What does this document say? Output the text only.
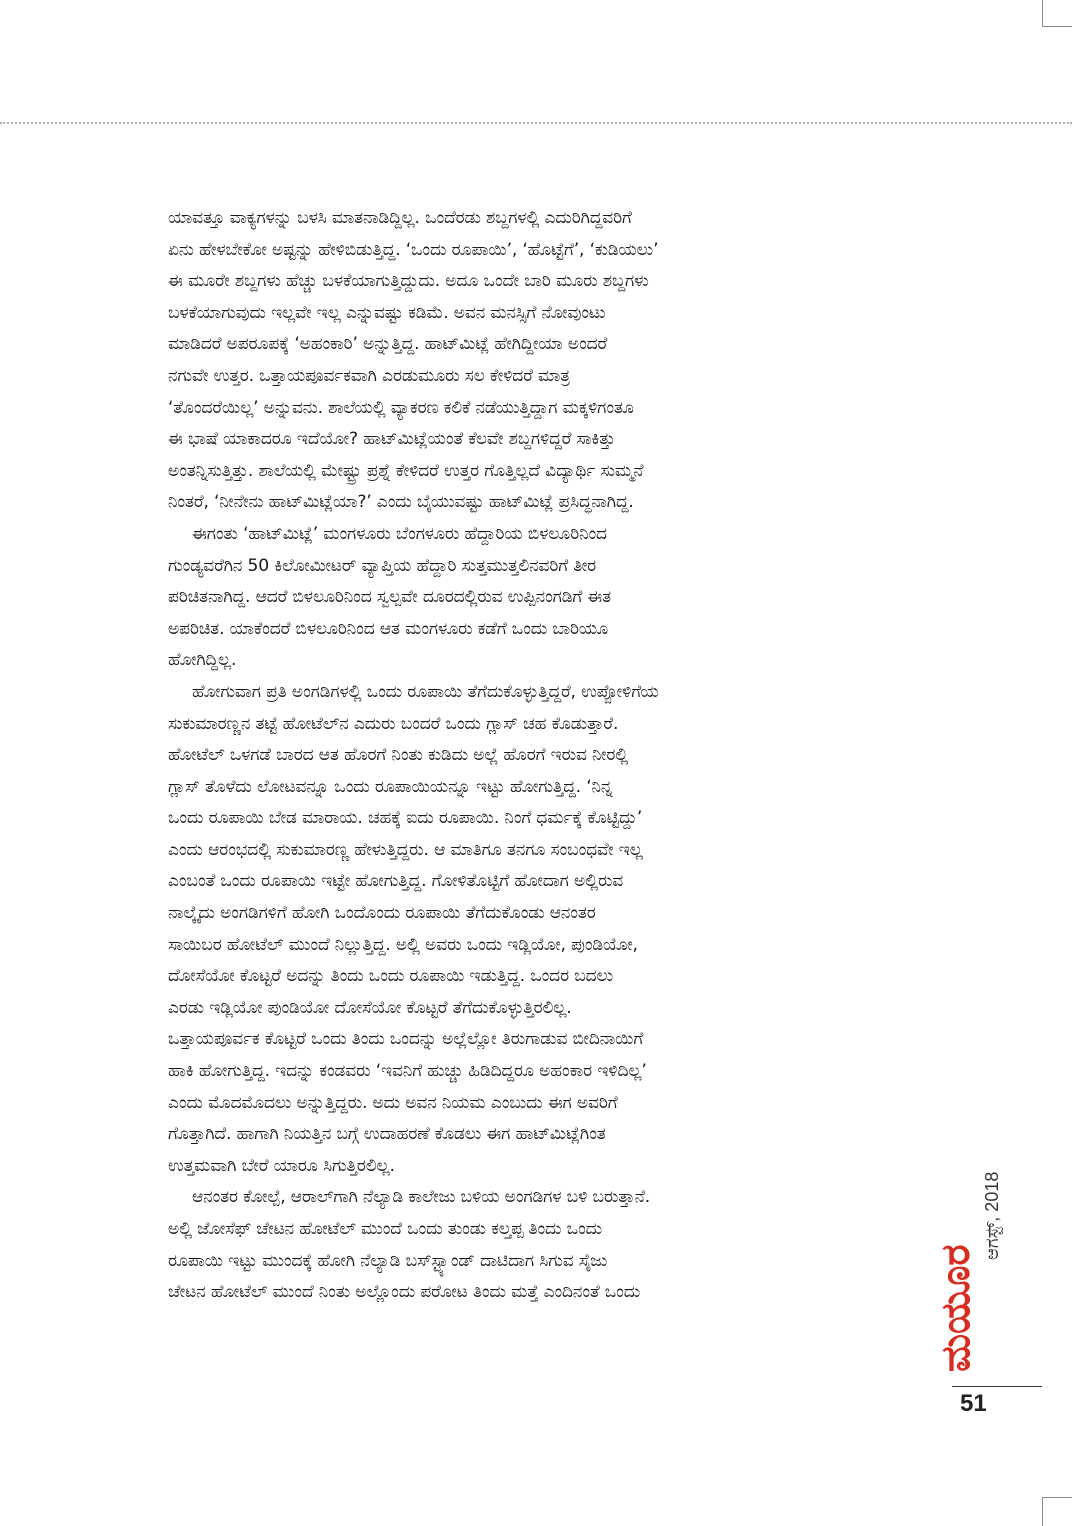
ಯಾವತ್ತೂ ವಾಕ್ಯಗಳನ್ನು ಬಳಸಿ ಮಾತನಾಡಿದ್ದಿಲ್ಲ. ಒಂದೆರಡು ಶಬ್ದಗಳಲ್ಲಿ ಎದುರಿಗಿದ್ದವರಿಗೆ
ಏನು ಹೇಳಬೇಕೋ ಅಷ್ಟನ್ನು ಹೇಳಿಬಿಡುತ್ತಿದ್ದ. ‘ಒಂದು ರೂಪಾಯಿ’, ‘ಹೊಟ್ಟೆಗೆ’, ‘ಕುಡಿಯಲು’
ಈ ಮೂರೇ ಶಬ್ದಗಳು ಹೆಚ್ಚು ಬಳಕೆಯಾಗುತ್ತಿದ್ದುದು. ಅದೂ ಒಂದೇ ಬಾರಿ ಮೂರು ಶಬ್ದಗಳು
ಬಳಕೆಯಾಗುವುದು ಇಲ್ಲವೇ ಇಲ್ಲ ಎನ್ನುವಷ್ಟು ಕಡಿಮೆ. ಅವನ ಮನಸ್ಸಿಗೆ ನೋವುಂಟು
ಮಾಡಿದರೆ ಅಪರೂಪಕ್ಕೆ ‘ಅಹಂಕಾರಿ’ ಅನ್ನುತ್ತಿದ್ದ. ಹಾಟ್‌ಮಿಟ್ಲೆ ಹೇಗಿದ್ದೀಯಾ ಅಂದರೆ
ನಗುವೇ ಉತ್ತರ. ಒತ್ತಾಯಪೂರ್ವಕವಾಗಿ ಎರಡುಮೂರು ಸಲ ಕೇಳಿದರೆ ಮಾತ್ರ
‘ತೊಂದರೆಯಿಲ್ಲ’ ಅನ್ನುವನು. ಶಾಲೆಯಲ್ಲಿ ವ್ಯಾಕರಣ ಕಲಿಕೆ ನಡೆಯುತ್ತಿದ್ದಾಗ ಮಕ್ಕಳಿಗಂತೂ
ಈ ಭಾಷೆ ಯಾಕಾದರೂ ಇದೆಯೋ? ಹಾಟ್‌ಮಿಟ್ಲೆಯಂತೆ ಕೆಲವೇ ಶಬ್ದಗಳಿದ್ದರೆ ಸಾಕಿತ್ತು
ಅಂತನ್ನಿಸುತ್ತಿತ್ತು. ಶಾಲೆಯಲ್ಲಿ ಮೇಷ್ಟ್ರು ಪ್ರಶ್ನೆ ಕೇಳಿದರೆ ಉತ್ತರ ಗೊತ್ತಿಲ್ಲದೆ ವಿದ್ಯಾರ್ಥಿ ಸುಮ್ಮನೆ
ನಿಂತರೆ, ‘ನೀನೇನು ಹಾಟ್‌ಮಿಟ್ಲೆಯಾ?’ ಎಂದು ಬೈಯುವಷ್ಟು ಹಾಟ್‌ಮಿಟ್ಲೆ ಪ್ರಸಿದ್ಧನಾಗಿದ್ದ.
ಈಗಂತು ‘ಹಾಟ್‌ಮಿಟ್ಲೆ’ ಮಂಗಳೂರು ಬೆಂಗಳೂರು ಹೆದ್ದಾರಿಯ ಬಿಳಲೂರಿನಿಂದ
ಗುಂಡ್ಯವರೆಗಿನ 50 ಕಿಲೋಮೀಟರ್ ವ್ಯಾಪ್ತಿಯ ಹೆದ್ದಾರಿ ಸುತ್ತಮುತ್ತಲಿನವರಿಗೆ ತೀರ
ಪರಿಚಿತನಾಗಿದ್ದ. ಆದರೆ ಬಿಳಲೂರಿನಿಂದ ಸ್ವಲ್ಪವೇ ದೂರದಲ್ಲಿರುವ ಉಪ್ಪಿನಂಗಡಿಗೆ ಈತ
ಅಪರಿಚಿತ. ಯಾಕೆಂದರೆ ಬಿಳಲೂರಿನಿಂದ ಆತ ಮಂಗಳೂರು ಕಡೆಗೆ ಒಂದು ಬಾರಿಯೂ
ಹೋಗಿದ್ದಿಲ್ಲ.
ಹೋಗುವಾಗ ಪ್ರತಿ ಅಂಗಡಿಗಳಲ್ಲಿ ಒಂದು ರೂಪಾಯಿ ತೆಗೆದುಕೊಳ್ಳುತ್ತಿದ್ದರೆ, ಉಪ್ಪೋಳಿಗೆಯ
ಸುಕುಮಾರಣ್ಣನ ತಟ್ಟೆ ಹೋಟೆಲ್‌ನ ಎದುರು ಬಂದರೆ ಒಂದು ಗ್ಲಾಸ್ ಚಹ ಕೊಡುತ್ತಾರೆ.
ಹೋಟೆಲ್ ಒಳಗಡೆ ಬಾರದ ಆತ ಹೊರಗೆ ನಿಂತು ಕುಡಿದು ಅಲ್ಲೆ ಹೊರಗೆ ಇರುವ ನೀರಲ್ಲಿ
ಗ್ಲಾಸ್ ತೊಳೆದು ಲೋಟವನ್ನೂ ಒಂದು ರೂಪಾಯಿಯನ್ನೂ ಇಟ್ಟು ಹೋಗುತ್ತಿದ್ದ. ‘ನಿನ್ನ
ಒಂದು ರೂಪಾಯಿ ಬೇಡ ಮಾರಾಯ. ಚಹಕ್ಕೆ ಐದು ರೂಪಾಯಿ. ನಿಂಗೆ ಧರ್ಮಕ್ಕೆ ಕೊಟ್ಟಿದ್ದು’
ಎಂದು ಆರಂಭದಲ್ಲಿ ಸುಕುಮಾರಣ್ಣ ಹೇಳುತ್ತಿದ್ದರು. ಆ ಮಾತಿಗೂ ತನಗೂ ಸಂಬಂಧವೇ ಇಲ್ಲ
ಎಂಬಂತೆ ಒಂದು ರೂಪಾಯಿ ಇಟ್ಟೇ ಹೋಗುತ್ತಿದ್ದ. ಗೋಳಿತೊಟ್ಟಿಗೆ ಹೋದಾಗ ಅಲ್ಲಿರುವ
ನಾಲ್ಕೈದು ಅಂಗಡಿಗಳಿಗೆ ಹೋಗಿ ಒಂದೊಂದು ರೂಪಾಯಿ ತೆಗೆದುಕೊಂಡು ಆನಂತರ
ಸಾಯಿಬರ ಹೋಟೆಲ್ ಮುಂದೆ ನಿಲ್ಲುತ್ತಿದ್ದ. ಅಲ್ಲಿ ಅವರು ಒಂದು ಇಡ್ಲಿಯೋ, ಪುಂಡಿಯೋ,
ದೋಸೆಯೋ ಕೊಟ್ಟರೆ ಅದನ್ನು ತಿಂದು ಒಂದು ರೂಪಾಯಿ ಇಡುತ್ತಿದ್ದ. ಒಂದರ ಬದಲು
ಎರಡು ಇಡ್ಲಿಯೋ ಪುಂಡಿಯೋ ದೋಸೆಯೋ ಕೊಟ್ಟರೆ ತೆಗೆದುಕೊಳ್ಳುತ್ತಿರಲಿಲ್ಲ.
ಒತ್ತಾಯಪೂರ್ವಕ ಕೊಟ್ಟರೆ ಒಂದು ತಿಂದು ಒಂದನ್ನು ಅಲ್ಲೆಲ್ಲೋ ತಿರುಗಾಡುವ ಬೀದಿನಾಯಿಗೆ
ಹಾಕಿ ಹೋಗುತ್ತಿದ್ದ. ಇದನ್ನು ಕಂಡವರು ‘ಇವನಿಗೆ ಹುಚ್ಚು ಹಿಡಿದಿದ್ದರೂ ಅಹಂಕಾರ ಇಳಿದಿಲ್ಲ’
ಎಂದು ಮೊದಮೊದಲು ಅನ್ನುತ್ತಿದ್ದರು. ಅದು ಅವನ ನಿಯಮ ಎಂಬುದು ಈಗ ಅವರಿಗೆ
ಗೊತ್ತಾಗಿದೆ. ಹಾಗಾಗಿ ನಿಯತ್ತಿನ ಬಗ್ಗೆ ಉದಾಹರಣೆ ಕೊಡಲು ಈಗ ಹಾಟ್‌ಮಿಟ್ಲೆಗಿಂತ
ಉತ್ತಮವಾಗಿ ಬೇರೆ ಯಾರೂ ಸಿಗುತ್ತಿರಲಿಲ್ಲ.
ಆನಂತರ ಕೋಲ್ಪೆ, ಆರಾಲ್‌ಗಾಗಿ ನೆಲ್ಯಾಡಿ ಕಾಲೇಜು ಬಳಿಯ ಅಂಗಡಿಗಳ ಬಳಿ ಬರುತ್ತಾನೆ.
ಅಲ್ಲಿ ಜೋಸೆಫ್ ಚೇಟನ ಹೋಟೆಲ್ ಮುಂದೆ ಒಂದು ತುಂಡು ಕಲ್ತಪ್ಪ ತಿಂದು ಒಂದು
ರೂಪಾಯಿ ಇಟ್ಟು ಮುಂದಕ್ಕೆ ಹೋಗಿ ನೆಲ್ಯಾಡಿ ಬಸ್‌ಸ್ಟ್ಯಾಂಡ್ ದಾಟಿದಾಗ ಸಿಗುವ ಸೈಜು
ಚೇಟನ ಹೋಟೆಲ್ ಮುಂದೆ ನಿಂತು ಅಲ್ಲೊಂದು ಪರೋಟ ತಿಂದು ಮತ್ತೆ ಎಂದಿನಂತೆ ಒಂದು	ಮಯೂರ
ಆಗಸ್ಟ್, 2018
51
